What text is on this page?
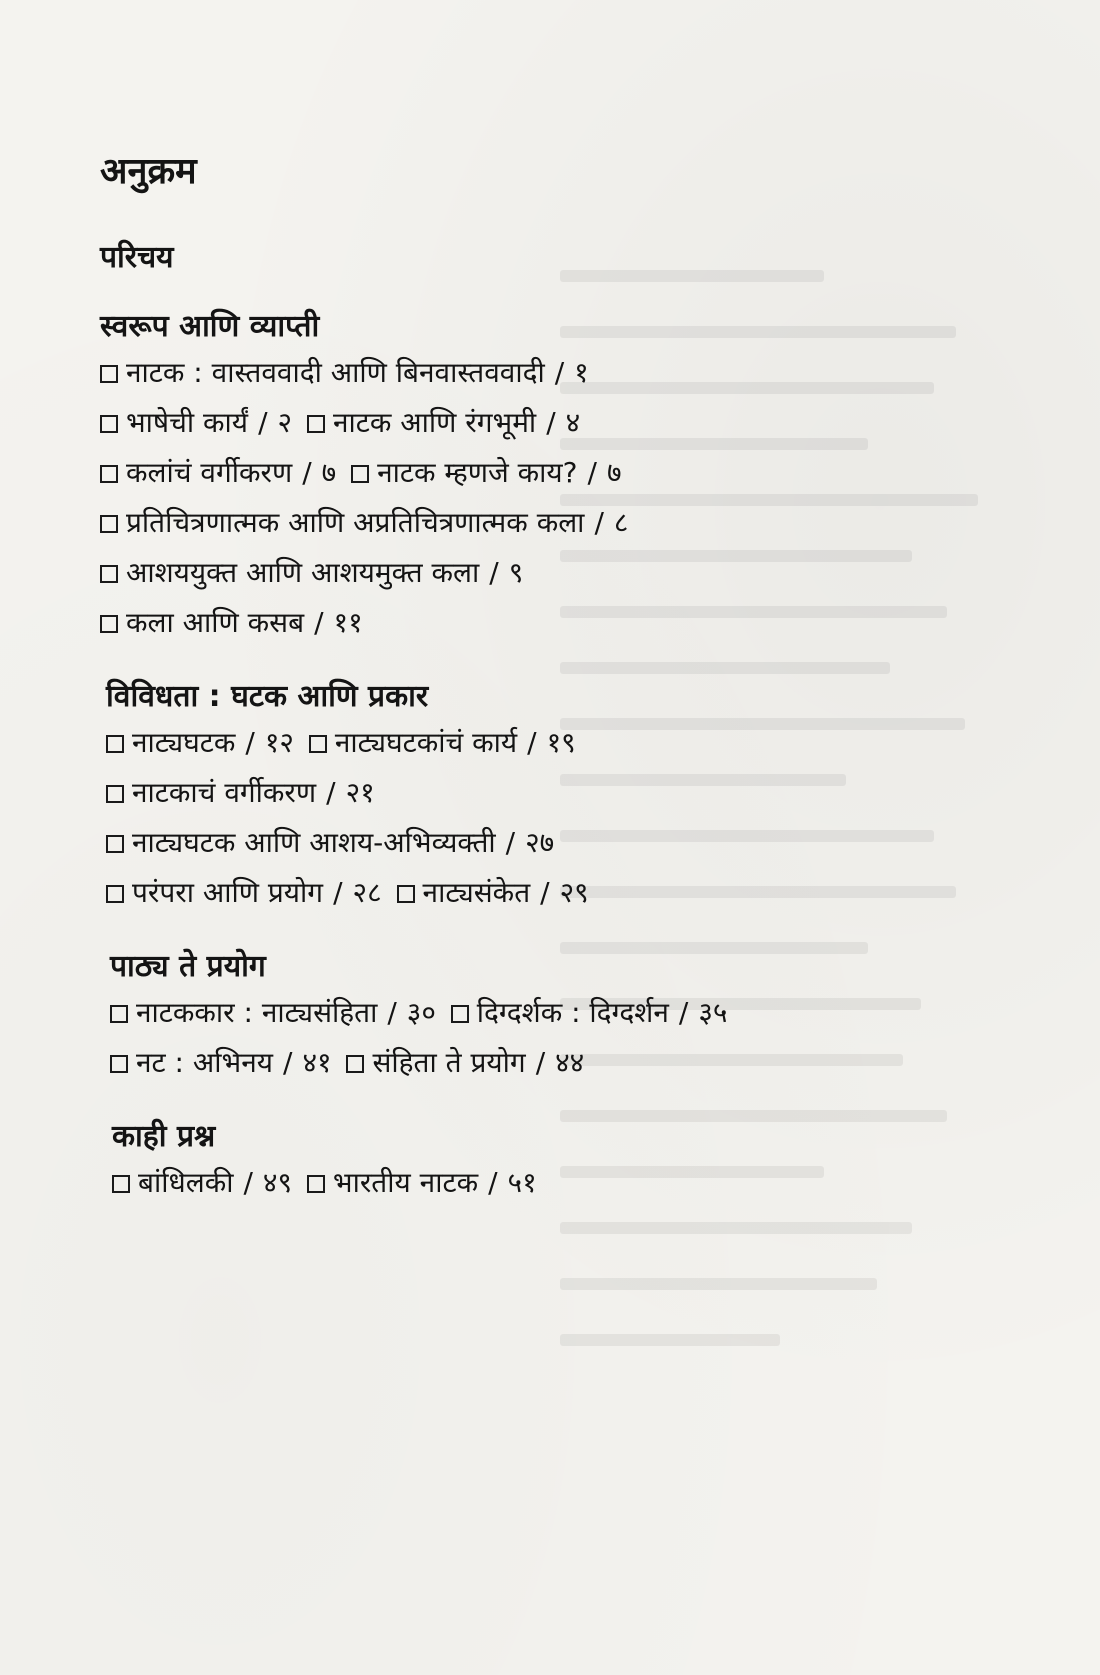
अनुक्रम
परिचय
स्वरूप आणि व्याप्ती
नाटक : वास्तववादी आणि बिनवास्तववादी / १
भाषेची कार्यं / २ नाटक आणि रंगभूमी / ४
कलांचं वर्गीकरण / ७ नाटक म्हणजे काय? / ७
प्रतिचित्रणात्मक आणि अप्रतिचित्रणात्मक कला / ८
आशययुक्त आणि आशयमुक्त कला / ९
कला आणि कसब / ११
विविधता : घटक आणि प्रकार
नाट्यघटक / १२ नाट्यघटकांचं कार्य / १९
नाटकाचं वर्गीकरण / २१
नाट्यघटक आणि आशय-अभिव्यक्ती / २७
परंपरा आणि प्रयोग / २८ नाट्यसंकेत / २९
पाठ्य ते प्रयोग
नाटककार : नाट्यसंहिता / ३० दिग्दर्शक : दिग्दर्शन / ३५
नट : अभिनय / ४१ संहिता ते प्रयोग / ४४
काही प्रश्न
बांधिलकी / ४९ भारतीय नाटक / ५१
